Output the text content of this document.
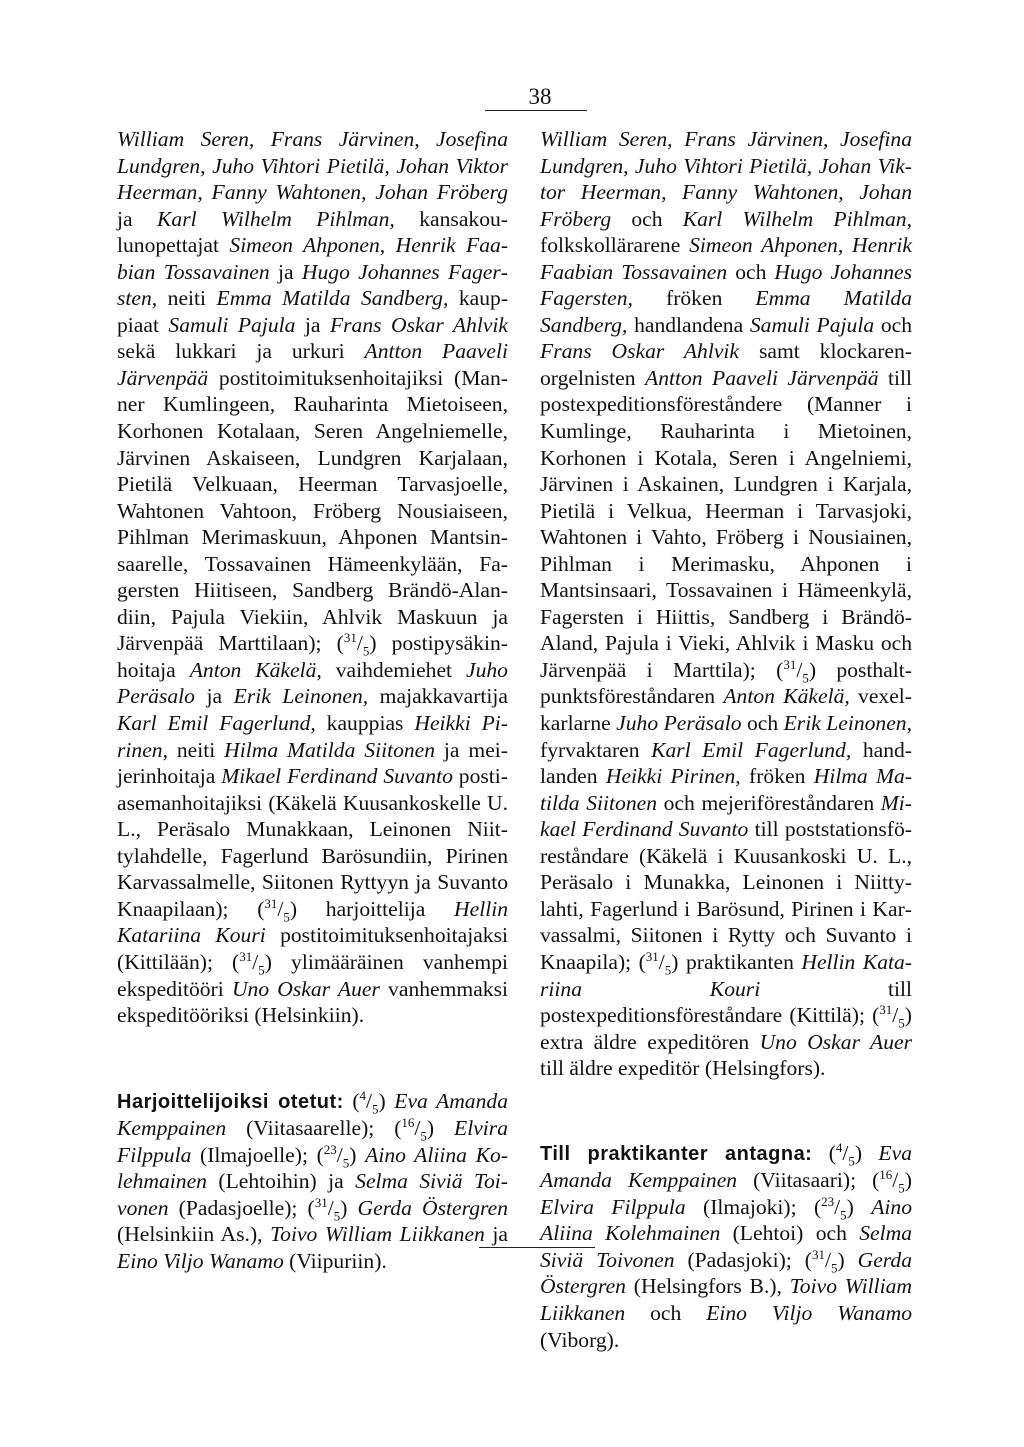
38

William Seren, Frans Järvinen, Josefina Lundgren, Juho Vihtori Pietilä, Johan Viktor Heerman, Fanny Wahtonen, Johan Fröberg ja Karl Wilhelm Pihlman, kansakoulunopettajat Simeon Ahponen, Henrik Faabian Tossavainen ja Hugo Johannes Fagersten, neiti Emma Matilda Sandberg, kauppiaat Samuli Pajula ja Frans Oskar Ahlvik sekä lukkari ja urkuri Antton Paaveli Järvenpää postitoimituksenhoitajiksi (Manner Kumlingeen, Rauharinta Mietoiseen, Korhonen Kotalaan, Seren Angelniemelle, Järvinen Askaiseen, Lundgren Karjalaan, Pietilä Velkuaan, Heerman Tarvasjoelle, Wahtonen Vahtoon, Fröberg Nousiaiseen, Pihlman Merimaskuun, Ahponen Mantsinsaarelle, Tossavainen Hämeenkylään, Fagersten Hiitiseen, Sandberg Brändö-Alandiin, Pajula Viekiin, Ahlvik Maskuun ja Järvenpää Marttilaan); $(^{31}/_5)$ postipysäkinhoitaja Anton Käkelä, vaihdemiehet Juho Peräsalo ja Erik Leinonen, majakkavartija Karl Emil Fagerlund, kauppias Heikki Pirinen, neiti Hilma Matilda Siitonen ja meijerinhoitaja Mikael Ferdinand Suvanto postiasemanhoitajiksi (Käkelä Kuusankoskelle U. L., Peräsalo Munakkaan, Leinonen Niittylahdelle, Fagerlund Barösundiin, Pirinen Karvassalmelle, Siitonen Ryttyyn ja Suvanto Knaapilaan); $(^{31}/_5)$ harjoittelija Hellin Katariina Kouri postitoimituksenhoitajaksi (Kittilään); $(^{31}/_5)$ ylimääräinen vanhempi ekspeditööri Uno Oskar Auer vanhemmaksi ekspeditööriksi (Helsinkiin).

Harjoittelijoiksi otetut: $(^4/_5)$ Eva Amanda Kemppainen (Viitasaarelle); $(^{16}/_5)$ Elvira Filppula (Ilmajoelle); $(^{23}/_5)$ Aino Aliina Kolehmainen (Lehtoihin) ja Selma Siviä Toivonen (Padasjoelle); $(^{31}/_5)$ Gerda Östergren (Helsinkiin As.), Toivo William Liikkanen ja Eino Viljo Wanamo (Viipuriin).

William Seren, Frans Järvinen, Josefina Lundgren, Juho Vihtori Pietilä, Johan Viktor Heerman, Fanny Wahtonen, Johan Fröberg och Karl Wilhelm Pihlman, folkskollärarene Simeon Ahponen, Henrik Faabian Tossavainen och Hugo Johannes Fagersten, fröken Emma Matilda Sandberg, handlandena Samuli Pajula och Frans Oskar Ahlvik samt klockaren-orgelnisten Antton Paaveli Järvenpää till postexpeditionsföreståndere (Manner i Kumlinge, Rauharinta i Mietoinen, Korhonen i Kotala, Seren i Angelniemi, Järvinen i Askainen, Lundgren i Karjala, Pietilä i Velkua, Heerman i Tarvasjoki, Wahtonen i Vahto, Fröberg i Nousiainen, Pihlman i Merimasku, Ahponen i Mantsinsaari, Tossavainen i Hämeenkylä, Fagersten i Hiittis, Sandberg i Brändö-Aland, Pajula i Vieki, Ahlvik i Masku och Järvenpää i Marttila); $(^{31}/_5)$ posthaltpunktsföreståndaren Anton Käkelä, vexelkarlarne Juho Peräsalo och Erik Leinonen, fyrvaktaren Karl Emil Fagerlund, handlanden Heikki Pirinen, fröken Hilma Matilda Siitonen och mejeriföreståndaren Mikael Ferdinand Suvanto till poststationsföreståndare (Käkelä i Kuusankoski U. L., Peräsalo i Munakka, Leinonen i Niittylahti, Fagerlund i Barösund, Pirinen i Karvassalmi, Siitonen i Rytty och Suvanto i Knaapila); $(^{31}/_5)$ praktikanten Hellin Katariina Kouri till postexpeditionsföreståndare (Kittilä); $(^{31}/_5)$ extra äldre expeditören Uno Oskar Auer till äldre expeditör (Helsingfors).

Till praktikanter antagna: $(^4/_5)$ Eva Amanda Kemppainen (Viitasaari); $(^{16}/_5)$ Elvira Filppula (Ilmajoki); $(^{23}/_5)$ Aino Aliina Kolehmainen (Lehtoi) och Selma Siviä Toivonen (Padasjoki); $(^{31}/_5)$ Gerda Östergren (Helsingfors B.), Toivo William Liikkanen och Eino Viljo Wanamo (Viborg).
